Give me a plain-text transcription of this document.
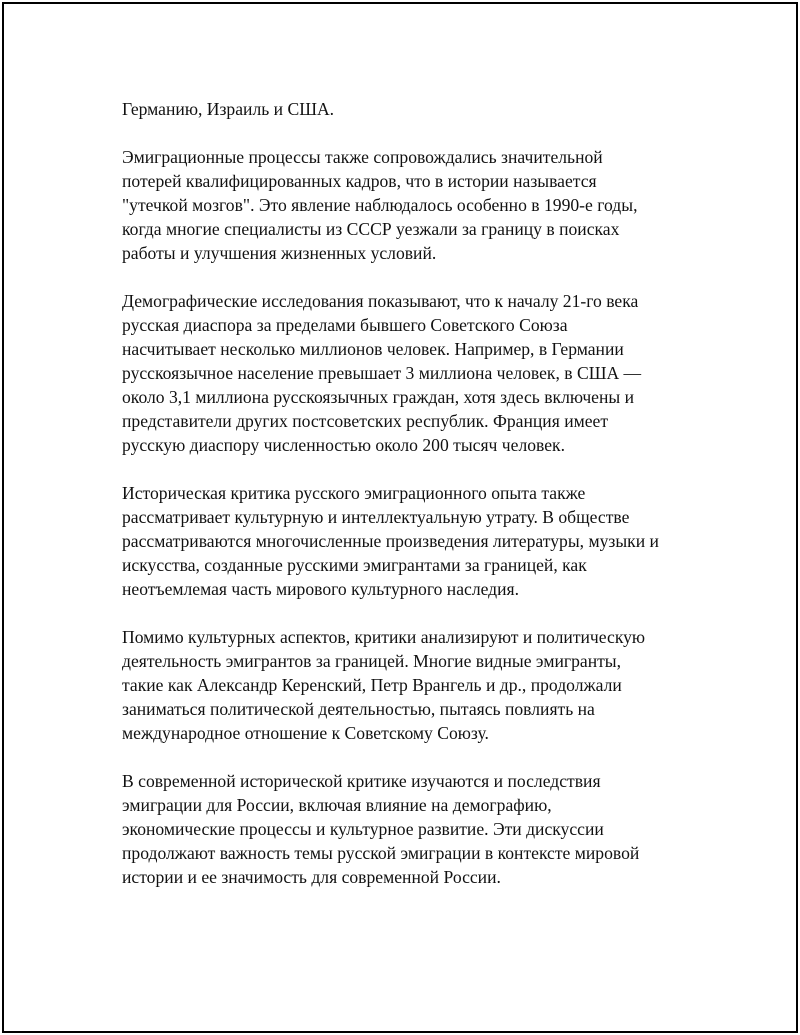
Германию, Израиль и США.

Эмиграционные процессы также сопровождались значительной
потерей квалифицированных кадров, что в истории называется
"утечкой мозгов". Это явление наблюдалось особенно в 1990-е годы,
когда многие специалисты из СССР уезжали за границу в поисках
работы и улучшения жизненных условий.

Демографические исследования показывают, что к началу 21-го века
русская диаспора за пределами бывшего Советского Союза
насчитывает несколько миллионов человек. Например, в Германии
русскоязычное население превышает 3 миллиона человек, в США —
около 3,1 миллиона русскоязычных граждан, хотя здесь включены и
представители других постсоветских республик. Франция имеет
русскую диаспору численностью около 200 тысяч человек.

Историческая критика русского эмиграционного опыта также
рассматривает культурную и интеллектуальную утрату. В обществе
рассматриваются многочисленные произведения литературы, музыки и
искусства, созданные русскими эмигрантами за границей, как
неотъемлемая часть мирового культурного наследия.

Помимо культурных аспектов, критики анализируют и политическую
деятельность эмигрантов за границей. Многие видные эмигранты,
такие как Александр Керенский, Петр Врангель и др., продолжали
заниматься политической деятельностью, пытаясь повлиять на
международное отношение к Советскому Союзу.

В современной исторической критике изучаются и последствия
эмиграции для России, включая влияние на демографию,
экономические процессы и культурное развитие. Эти дискуссии
продолжают важность темы русской эмиграции в контексте мировой
истории и ее значимость для современной России.
